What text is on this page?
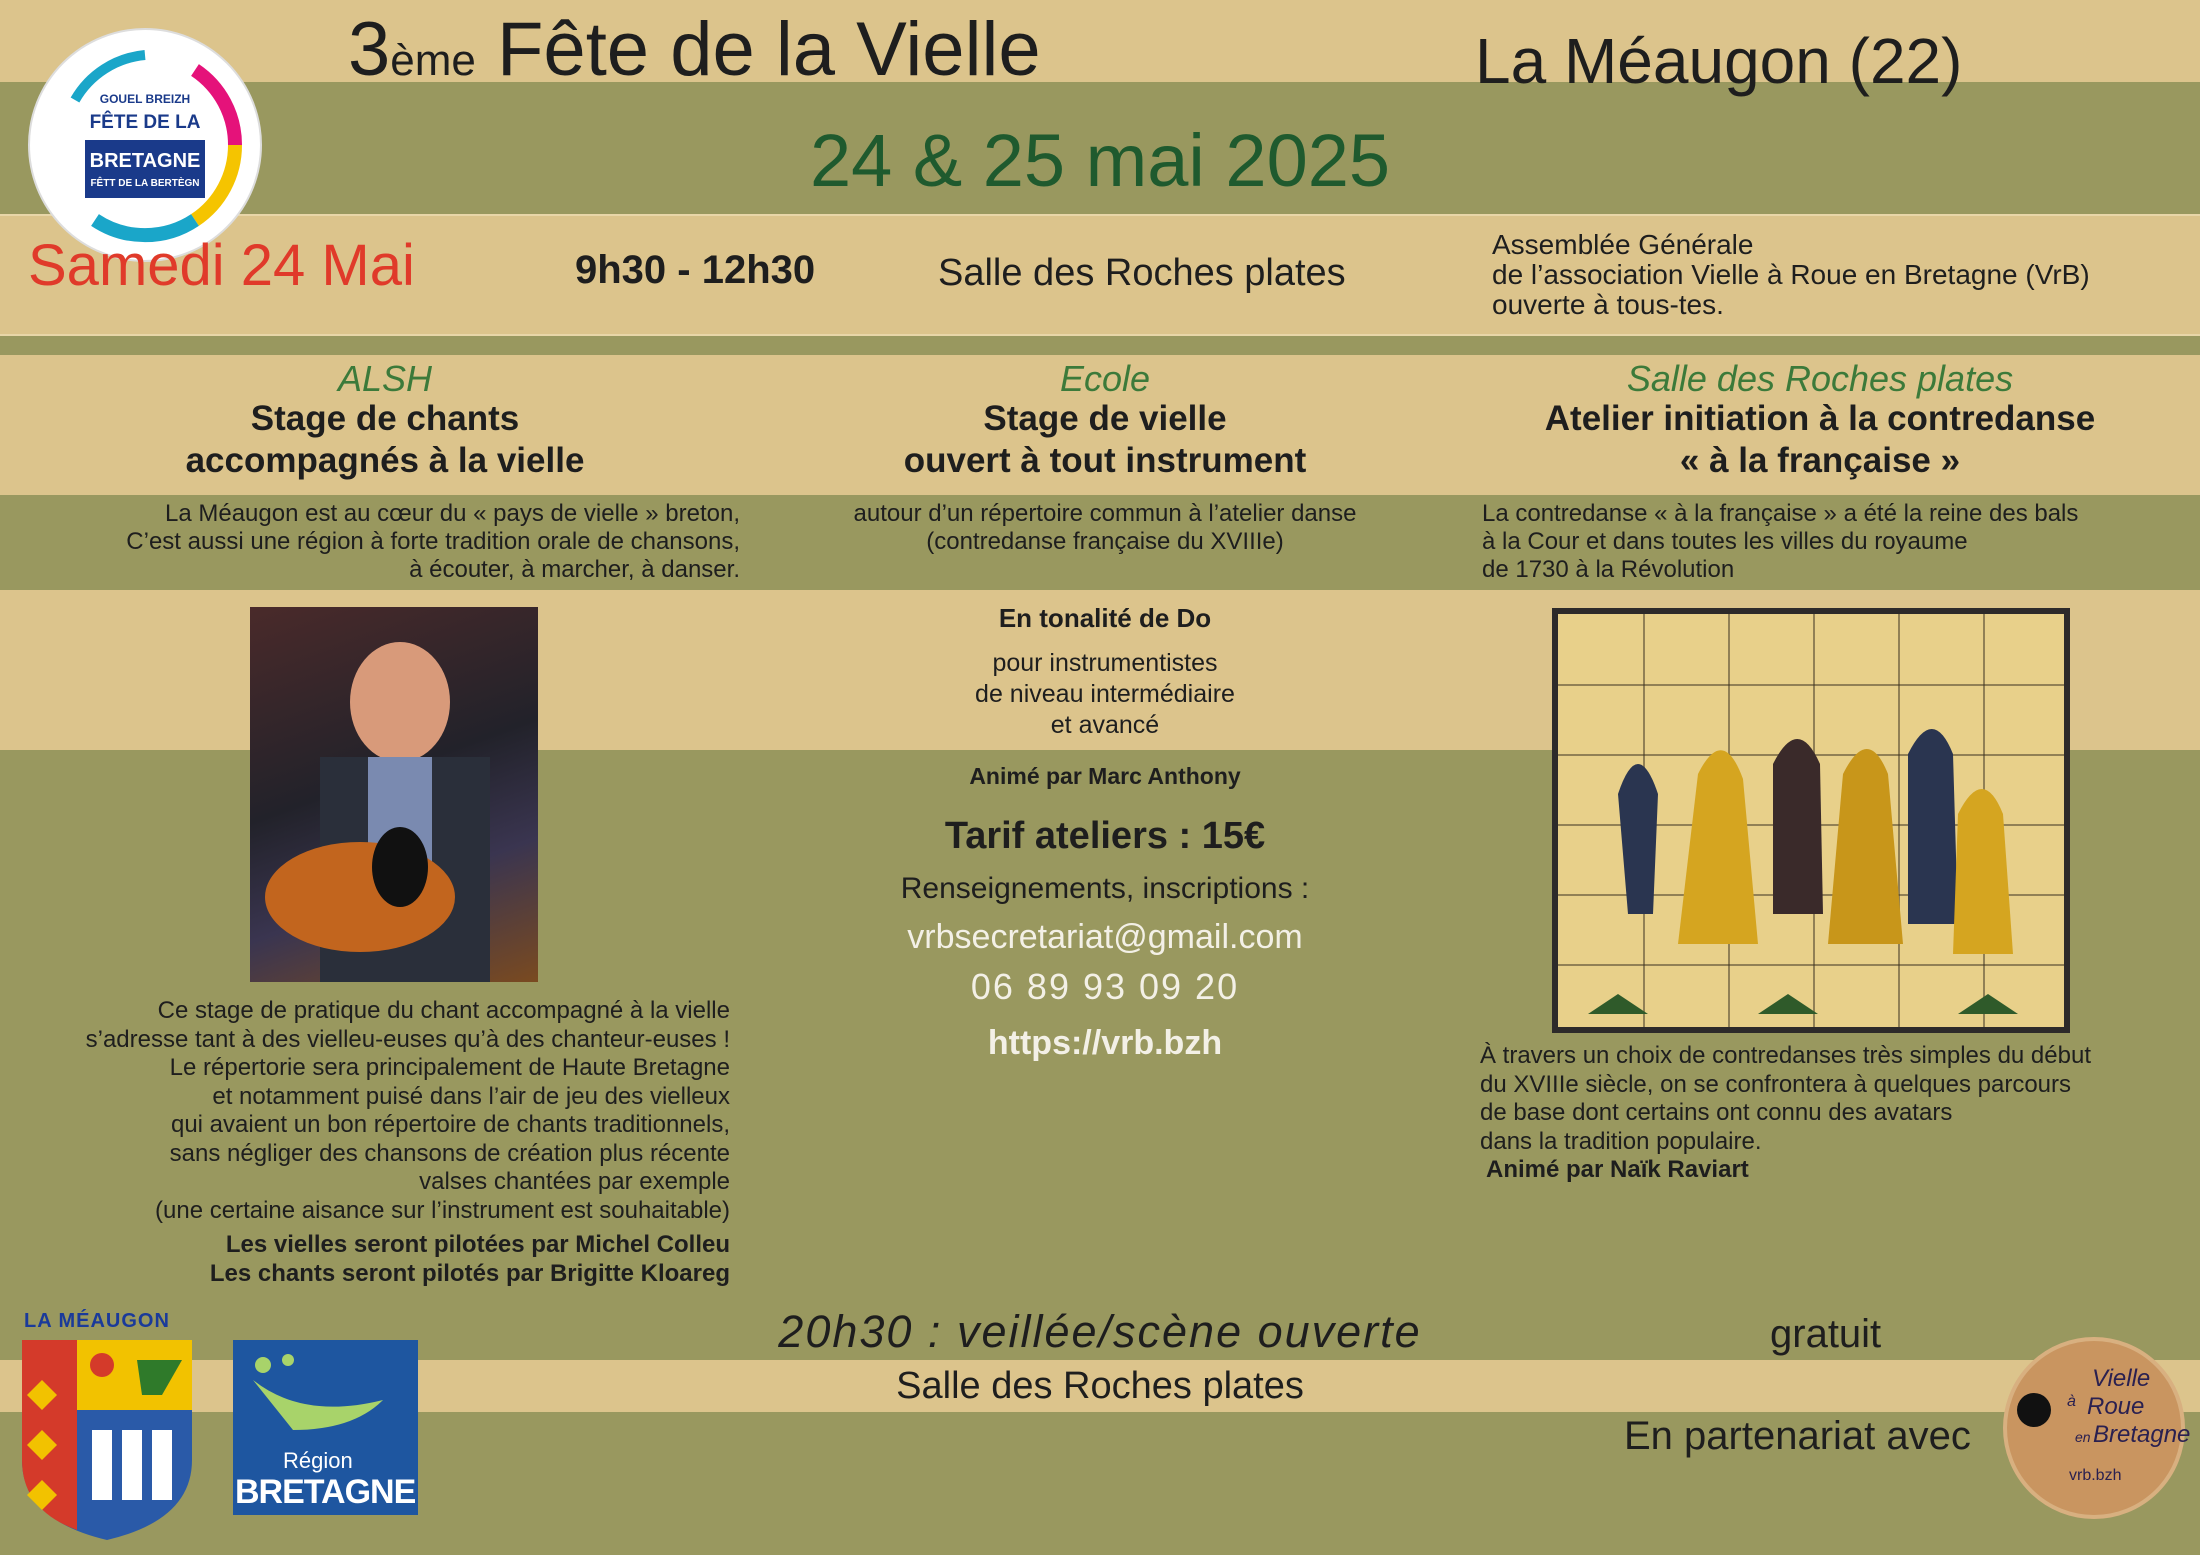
GOUEL BREIZH
FÊTE DE LA
BRETAGNE
FÊTT DE LA BERTÈGN
3ème Fête de la Vielle	La Méaugon (22)
24 & 25 mai 2025
Samedi 24 Mai	9h30 - 12h30	Salle des Roches plates
Assemblée Générale
de l’association Vielle à Roue en Bretagne (VrB)
ouverte à tous-tes.
ALSH
Stage de chants
accompagnés à la vielle
La Méaugon est au cœur du « pays de vielle » breton,
C’est aussi une région à forte tradition orale de chansons,
à écouter, à marcher, à danser.
Ce stage de pratique du chant accompagné à la vielle
s’adresse tant à des vielleu-euses qu’à des chanteur-euses !
Le répertorie sera principalement de Haute Bretagne
et notamment puisé dans l’air de jeu des vielleux
qui avaient un bon répertoire de chants traditionnels,
sans négliger des chansons de création plus récente
valses chantées par exemple
(une certaine aisance sur l’instrument est souhaitable)
Les vielles seront pilotées par Michel Colleu
Les chants seront pilotés par Brigitte Kloareg
Ecole
Stage de vielle
ouvert à tout instrument
autour d’un répertoire commun à l’atelier danse
(contredanse française du XVIIIe)
En tonalité de Do
pour instrumentistes
de niveau intermédiaire
et avancé
Animé par Marc Anthony
Tarif ateliers : 15€
Renseignements, inscriptions :
vrbsecretariat@gmail.com
06 89 93 09 20
https://vrb.bzh
Salle des Roches plates
Atelier initiation à la contredanse
« à la française »
La contredanse « à la française » a été la reine des bals
à la Cour et dans toutes les villes du royaume
de 1730 à la Révolution
À travers un choix de contredanses très simples du début
du XVIIIe siècle, on se confrontera à quelques parcours
de base dont certains ont connu des avatars
dans la tradition populaire.
Animé par Naïk Raviart
20h30 : veillée/scène ouverte
Salle des Roches plates
gratuit
En partenariat avec
LA MÉAUGON
Région
BRETAGNE
Vielle
à Roue
en Bretagne
vrb.bzh
